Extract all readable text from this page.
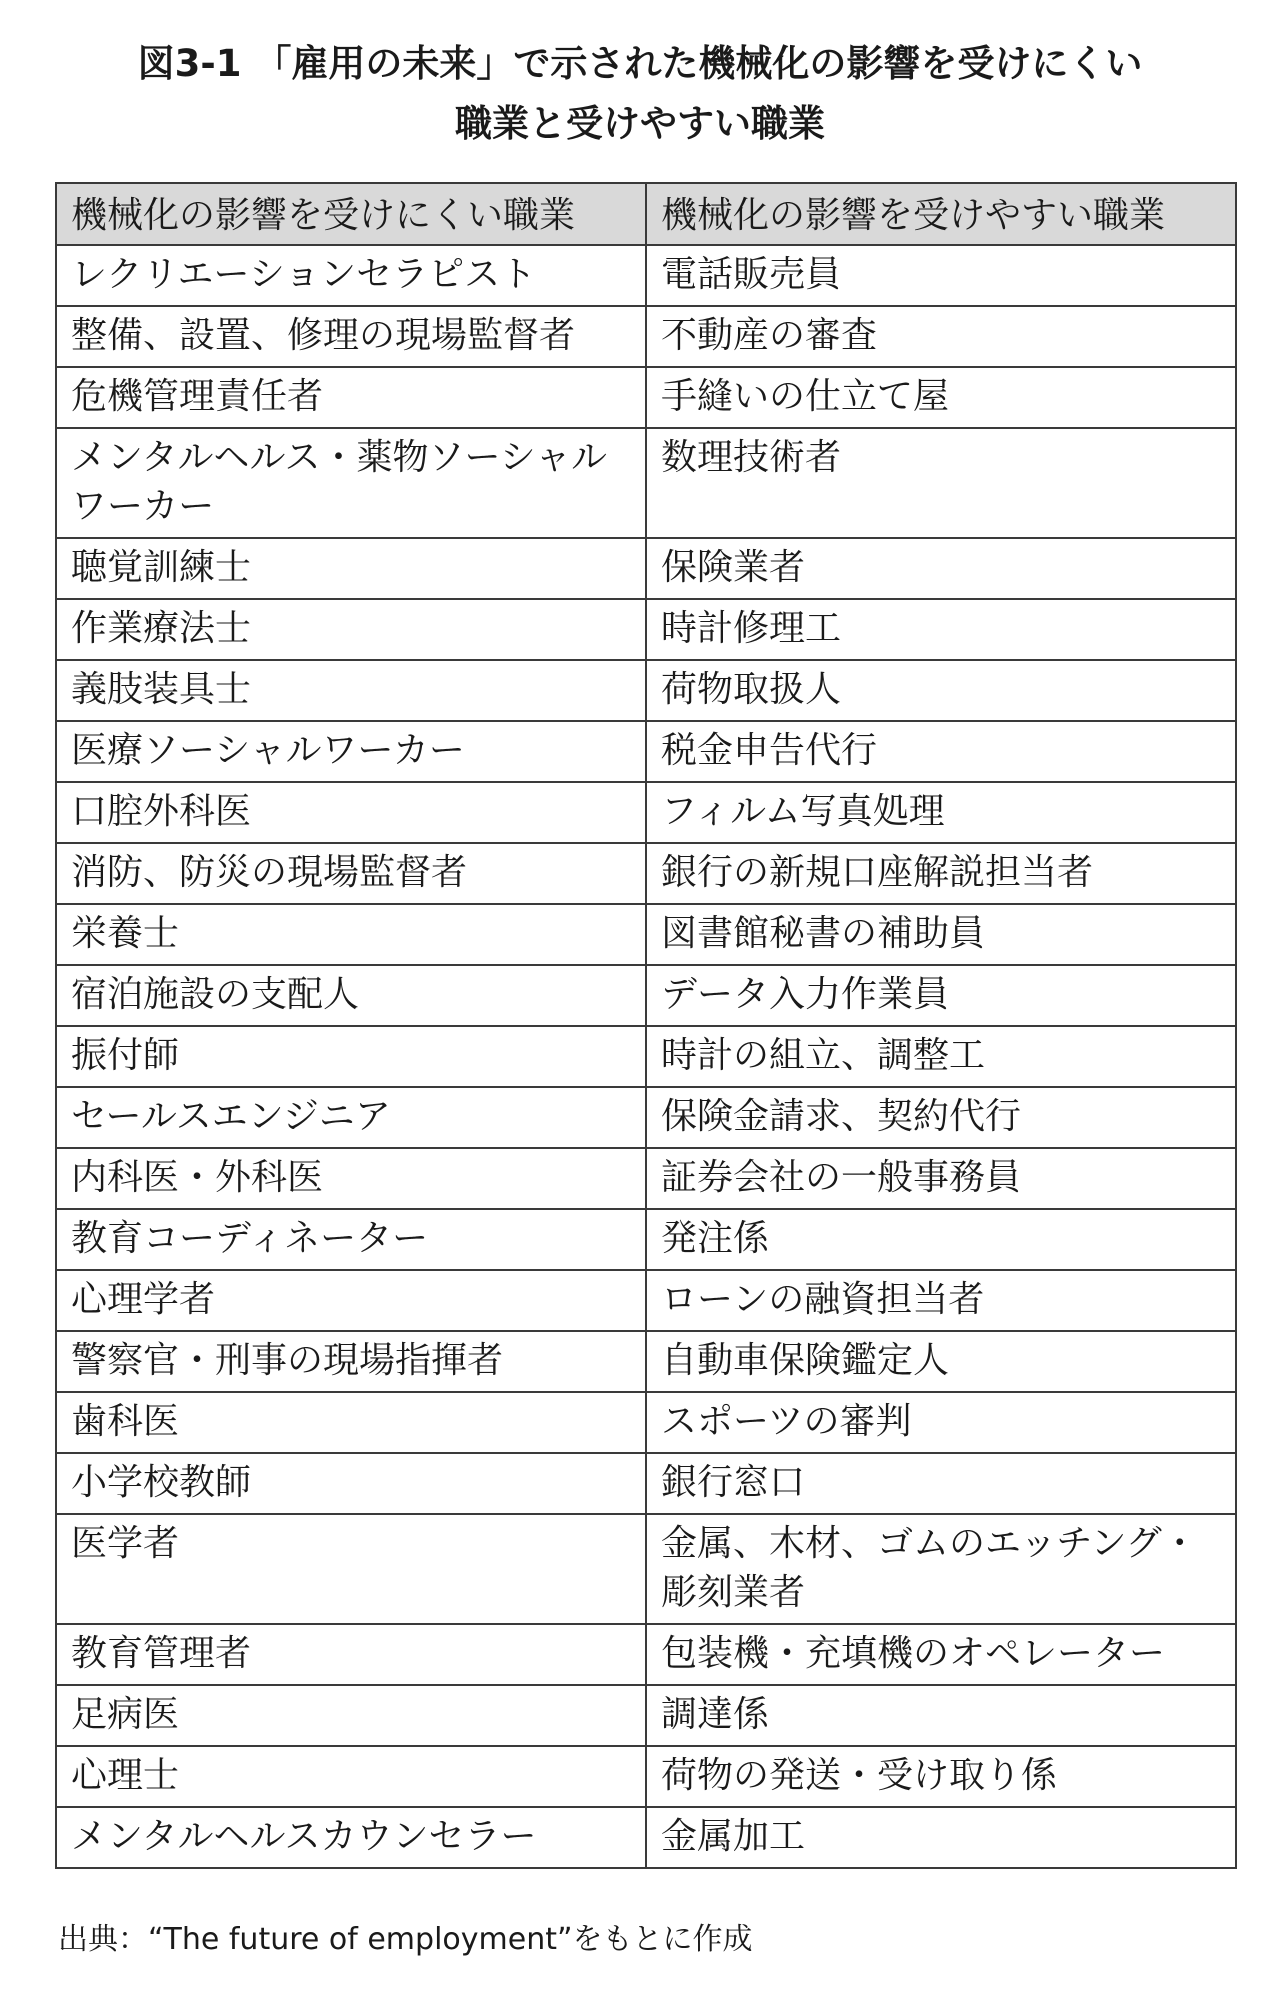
図3-1 「雇用の未来」で示された機械化の影響を受けにくい
職業と受けやすい職業
機械化の影響を受けにくい職業	機械化の影響を受けやすい職業

レクリエーションセラピスト	電話販売員

整備、設置、修理の現場監督者	不動産の審査

危機管理責任者	手縫いの仕立て屋

メンタルヘルス・薬物ソーシャルワーカー	数理技術者

聴覚訓練士	保険業者

作業療法士	時計修理工

義肢装具士	荷物取扱人

医療ソーシャルワーカー	税金申告代行

口腔外科医	フィルム写真処理

消防、防災の現場監督者	銀行の新規口座解説担当者

栄養士	図書館秘書の補助員

宿泊施設の支配人	データ入力作業員

振付師	時計の組立、調整工

セールスエンジニア	保険金請求、契約代行

内科医・外科医	証券会社の一般事務員

教育コーディネーター	発注係

心理学者	ローンの融資担当者

警察官・刑事の現場指揮者	自動車保険鑑定人

歯科医	スポーツの審判

小学校教師	銀行窓口

医学者	金属、木材、ゴムのエッチング・彫刻業者

教育管理者	包装機・充填機のオペレーター

足病医	調達係

心理士	荷物の発送・受け取り係

メンタルヘルスカウンセラー	金属加工
出典：“The future of employment”をもとに作成
